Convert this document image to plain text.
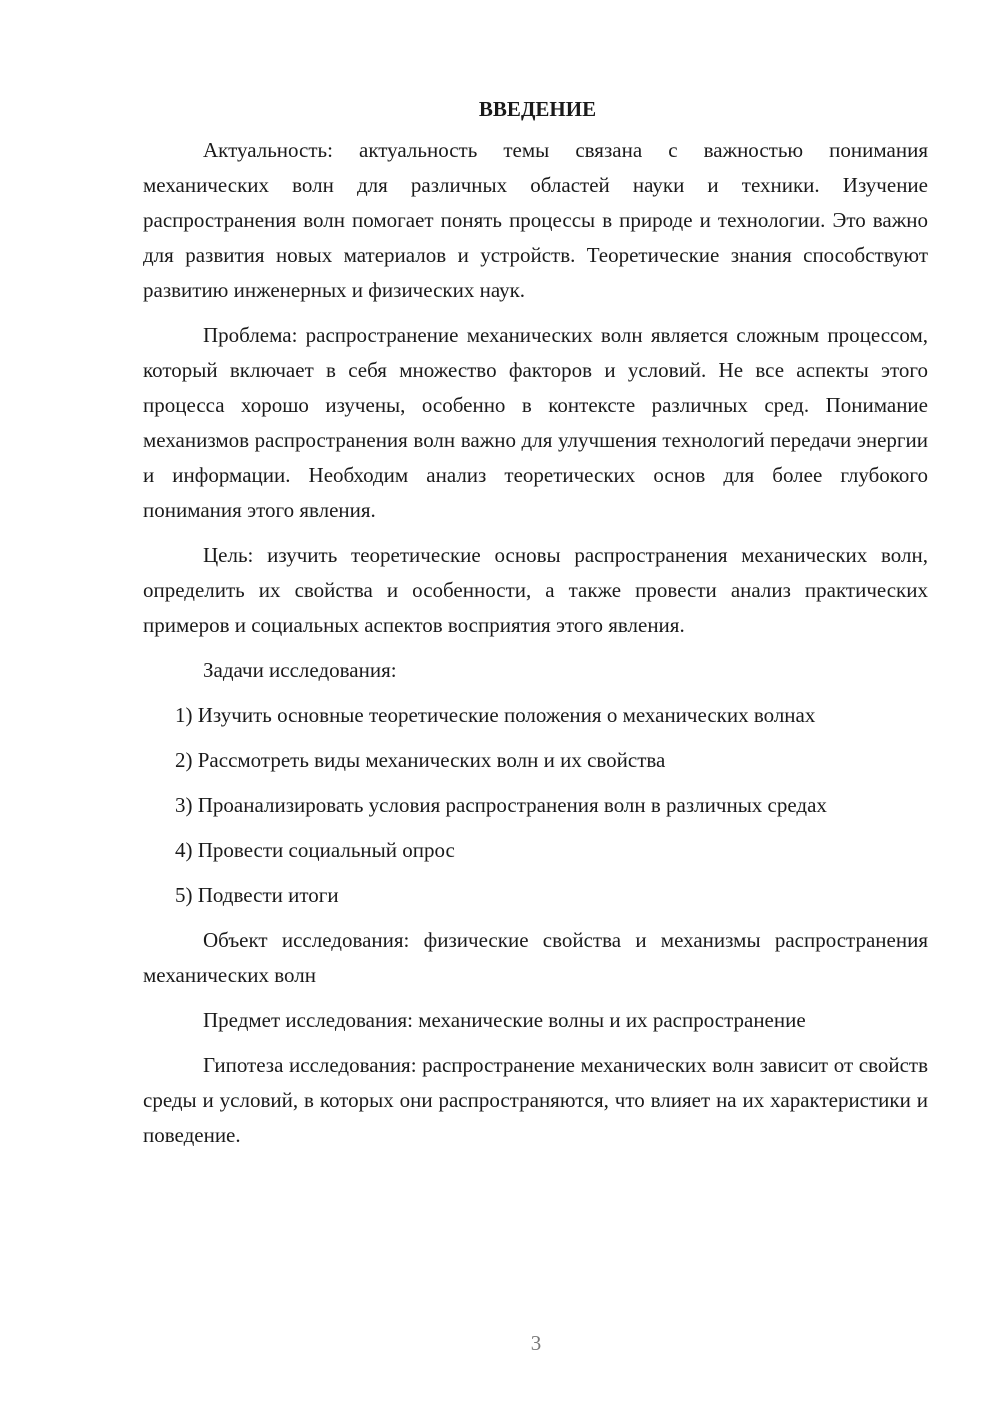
ВВЕДЕНИЕ

Актуальность: актуальность темы связана с важностью понимания механических волн для различных областей науки и техники. Изучение распространения волн помогает понять процессы в природе и технологии. Это важно для развития новых материалов и устройств. Теоретические знания способствуют развитию инженерных и физических наук.

Проблема: распространение механических волн является сложным процессом, который включает в себя множество факторов и условий. Не все аспекты этого процесса хорошо изучены, особенно в контексте различных сред. Понимание механизмов распространения волн важно для улучшения технологий передачи энергии и информации. Необходим анализ теоретических основ для более глубокого понимания этого явления.

Цель: изучить теоретические основы распространения механических волн, определить их свойства и особенности, а также провести анализ практических примеров и социальных аспектов восприятия этого явления.

Задачи исследования:

1) Изучить основные теоретические положения о механических волнах

2) Рассмотреть виды механических волн и их свойства

3) Проанализировать условия распространения волн в различных средах

4) Провести социальный опрос

5) Подвести итоги

Объект исследования: физические свойства и механизмы распространения механических волн

Предмет исследования: механические волны и их распространение

Гипотеза исследования: распространение механических волн зависит от свойств среды и условий, в которых они распространяются, что влияет на их характеристики и поведение.

3
